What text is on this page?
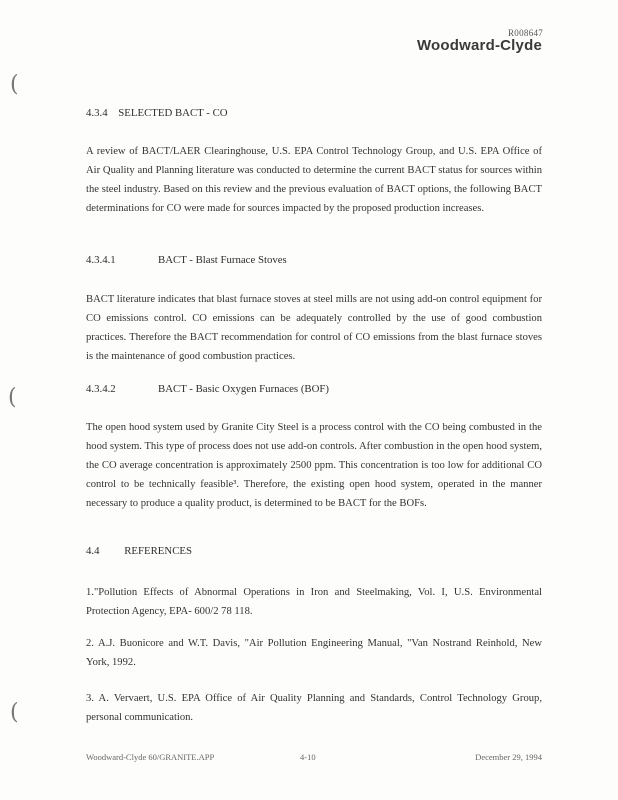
R008647
Woodward-Clyde
(
(
(
4.3.4 SELECTED BACT - CO
A review of BACT/LAER Clearinghouse, U.S. EPA Control Technology Group, and U.S. EPA Office of Air Quality and Planning literature was conducted to determine the current BACT status for sources within the steel industry. Based on this review and the previous evaluation of BACT options, the following BACT determinations for CO were made for sources impacted by the proposed production increases.
4.3.4.1	BACT - Blast Furnace Stoves
BACT literature indicates that blast furnace stoves at steel mills are not using add-on control equipment for CO emissions control. CO emissions can be adequately controlled by the use of good combustion practices. Therefore the BACT recommendation for control of CO emissions from the blast furnace stoves is the maintenance of good combustion practices.
4.3.4.2	BACT - Basic Oxygen Furnaces (BOF)
The open hood system used by Granite City Steel is a process control with the CO being combusted in the hood system. This type of process does not use add-on controls. After combustion in the open hood system, the CO average concentration is approximately 2500 ppm. This concentration is too low for additional CO control to be technically feasible³. Therefore, the existing open hood system, operated in the manner necessary to produce a quality product, is determined to be BACT for the BOFs.
4.4 REFERENCES
1."Pollution Effects of Abnormal Operations in Iron and Steelmaking, Vol. I, U.S. Environmental Protection Agency, EPA- 600/2 78 118.
2. A.J. Buonicore and W.T. Davis, "Air Pollution Engineering Manual, "Van Nostrand Reinhold, New York, 1992.
3. A. Vervaert, U.S. EPA Office of Air Quality Planning and Standards, Control Technology Group, personal communication.
Woodward-Clyde 60/GRANITE.APP	4-10	December 29, 1994
